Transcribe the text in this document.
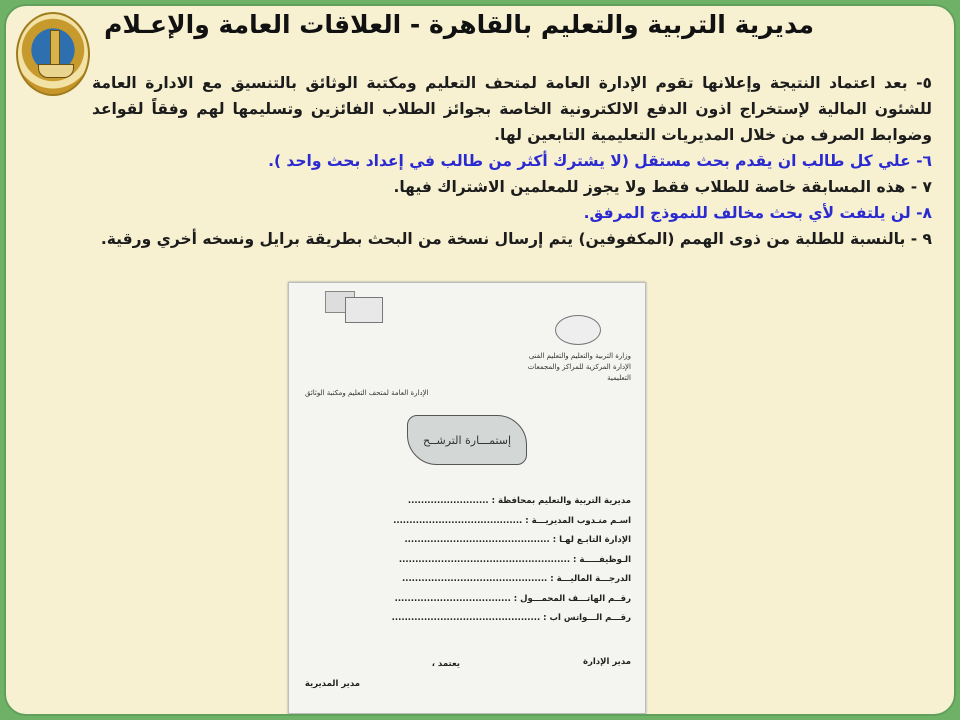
مديرية التربية والتعليم بالقاهرة - العلاقات العامة والإعـلام

٥- بعد اعتماد النتيجة وإعلانها تقوم الإدارة العامة لمتحف التعليم ومكتبة الوثائق بالتنسيق مع الادارة العامة للشئون المالية لإستخراج اذون الدفع الالكترونية الخاصة بجوائز الطلاب الفائزين وتسليمها لهم وفقاً لقواعد وضوابط الصرف من خلال المديريات التعليمية التابعين لها.

٦- علي كل طالب ان يقدم بحث مستقل (لا يشترك أكثر من طالب في إعداد بحث واحد ).

٧ - هذه المسابقة خاصة للطلاب فقط ولا يجوز للمعلمين الاشتراك فيها.

٨- لن يلتفت لأي بحث مخالف للنموذج المرفق.

٩ - بالنسبة للطلبة من ذوى الهمم (المكفوفين) يتم إرسال نسخة من البحث بطريقة برايل ونسخه أخري ورقية.

وزارة التربية والتعليم والتعليم الفنى
الإدارة المركزية للمراكز والمجمعات التعليمية
الإدارة العامة لمتحف التعليم ومكتبة الوثائق
إستمـــارة الترشــح
مديرية التربية والتعليم بمحافظة : .........................
اسـم منـدوب المديريـــة : ........................................
الإدارة التابـع لهـا : .............................................
الـوظيفـــــة : .....................................................
الدرجـــة الماليـــة : .............................................
رقــم الهاتـــف المحمـــول : ....................................
رقـــم الـــواتس آب : ..............................................
مدير الإدارة
يعتمد ،
مدير المديرية
